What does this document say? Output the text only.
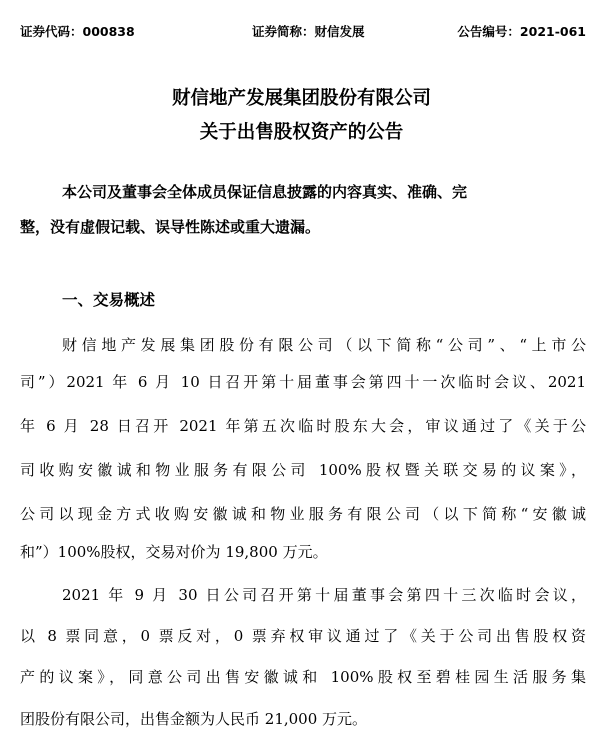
证券代码：000838	证券简称：财信发展	公告编号：2021-061
财信地产发展集团股份有限公司
关于出售股权资产的公告
本公司及董事会全体成员保证信息披露的内容真实、准确、完
整，没有虚假记载、误导性陈述或重大遗漏。
一、交易概述
财信地产发展集团股份有限公司（以下简称“公司”、“上市公
司”）2021 年 6 月 10 日召开第十届董事会第四十一次临时会议、2021
年 6 月 28 日召开 2021 年第五次临时股东大会，审议通过了《关于公
司收购安徽诚和物业服务有限公司 100%股权暨关联交易的议案》，
公司以现金方式收购安徽诚和物业服务有限公司（以下简称“安徽诚
和”）100%股权，交易对价为 19,800 万元。
2021 年 9 月 30 日公司召开第十届董事会第四十三次临时会议，
以 8 票同意，0 票反对，0 票弃权审议通过了《关于公司出售股权资
产的议案》，同意公司出售安徽诚和 100%股权至碧桂园生活服务集
团股份有限公司，出售金额为人民币 21,000 万元。
